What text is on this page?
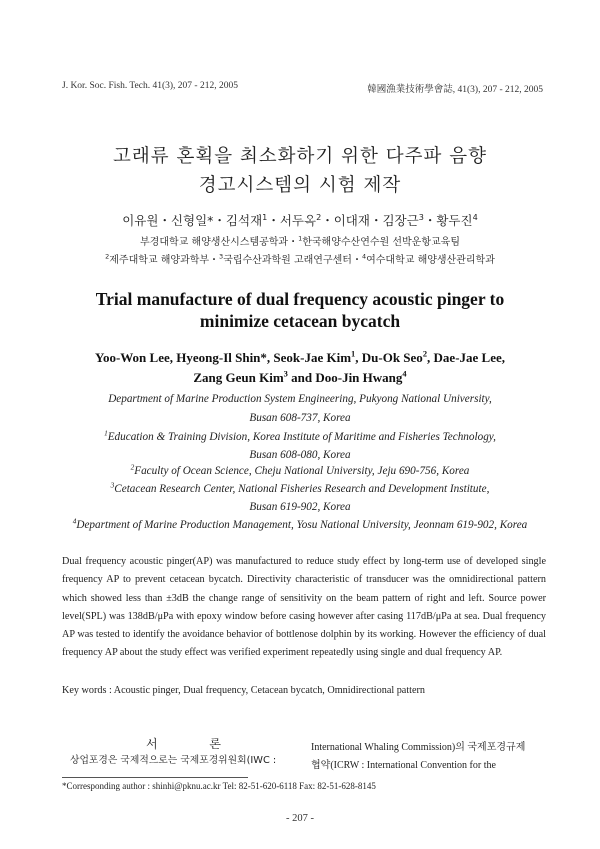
J. Kor. Soc. Fish. Tech. 41(3), 207 - 212, 2005	韓國漁業技術學會誌, 41(3), 207 - 212, 2005
고래류 혼획을 최소화하기 위한 다주파 음향
경고시스템의 시험 제작
이유원・신형일*・김석재$^1$・서두옥$^2$・이대재・김장근$^3$・황두진$^4$
부경대학교 해양생산시스템공학과・$^1$한국해양수산연수원 선박운항교육팀
$^2$제주대학교 해양과학부・$^3$국립수산과학원 고래연구센터・$^4$여수대학교 해양생산관리학과
Trial manufacture of dual frequency acoustic pinger to
minimize cetacean bycatch
Yoo-Won Lee, Hyeong-Il Shin*, Seok-Jae Kim$^1$, Du-Ok Seo$^2$, Dae-Jae Lee,
Zang Geun Kim$^3$ and Doo-Jin Hwang$^4$
Department of Marine Production System Engineering, Pukyong National University,
Busan 608-737, Korea
$^1$Education & Training Division, Korea Institute of Maritime and Fisheries Technology,
Busan 608-080, Korea
$^2$Faculty of Ocean Science, Cheju National University, Jeju 690-756, Korea
$^3$Cetacean Research Center, National Fisheries Research and Development Institute,
Busan 619-902, Korea
$^4$Department of Marine Production Management, Yosu National University, Jeonnam 619-902, Korea
Dual frequency acoustic pinger(AP) was manufactured to reduce study effect by long-term use of developed single frequency AP to prevent cetacean bycatch. Directivity characteristic of transducer was the omnidirectional pattern which showed less than ±3dB the change range of sensitivity on the beam pattern of right and left. Source power level(SPL) was 138dB/μPa with epoxy window before casing however after casing 117dB/μPa at sea. Dual frequency AP was tested to identify the avoidance behavior of bottlenose dolphin by its working. However the efficiency of dual frequency AP about the study effect was verified experiment repeatedly using single and dual frequency AP.
Key words : Acoustic pinger, Dual frequency, Cetacean bycatch, Omnidirectional pattern
서 론
상업포경은 국제적으로는 국제포경위원회(IWC :
International Whaling Commission)의 국제포경규제
협약(ICRW : International Convention for the
*Corresponding author : shinhi@pknu.ac.kr Tel: 82-51-620-6118 Fax: 82-51-628-8145
- 207 -
